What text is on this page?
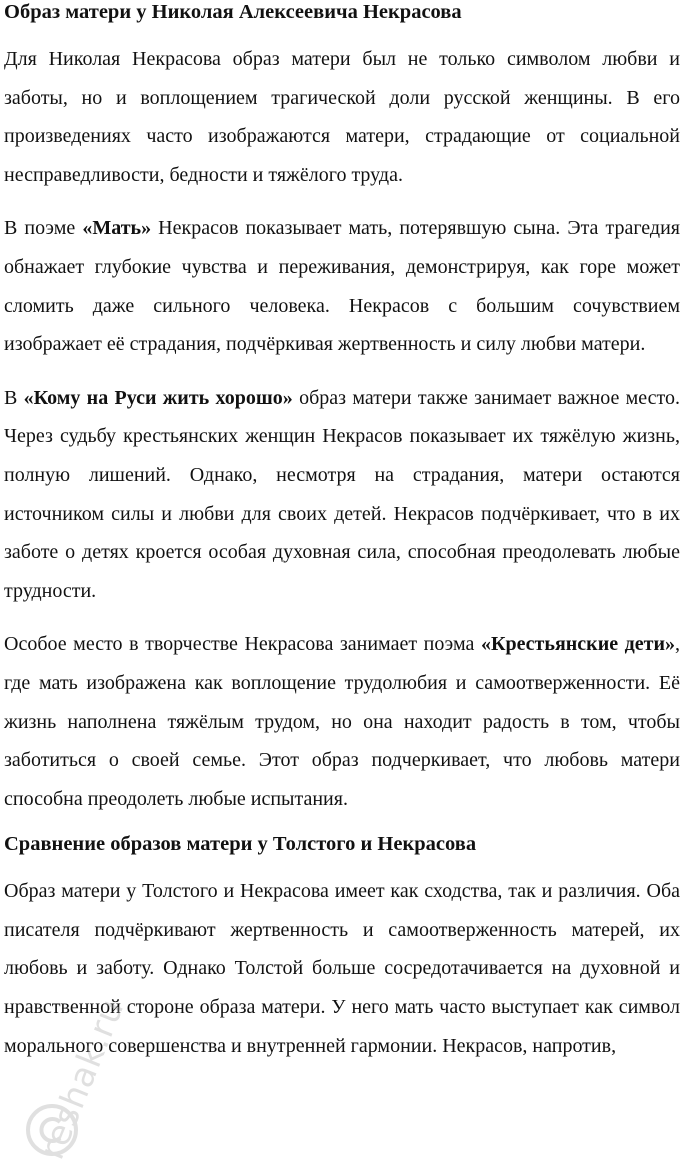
Образ матери у Николая Алексеевича Некрасова

Для Николая Некрасова образ матери был не только символом любви и заботы, но и воплощением трагической доли русской женщины. В его произведениях часто изображаются матери, страдающие от социальной несправедливости, бедности и тяжёлого труда.

В поэме «Мать» Некрасов показывает мать, потерявшую сына. Эта трагедия обнажает глубокие чувства и переживания, демонстрируя, как горе может сломить даже сильного человека. Некрасов с большим сочувствием изображает её страдания, подчёркивая жертвенность и силу любви матери.

В «Кому на Руси жить хорошо» образ матери также занимает важное место. Через судьбу крестьянских женщин Некрасов показывает их тяжёлую жизнь, полную лишений. Однако, несмотря на страдания, матери остаются источником силы и любви для своих детей. Некрасов подчёркивает, что в их заботе о детях кроется особая духовная сила, способная преодолевать любые трудности.

Особое место в творчестве Некрасова занимает поэма «Крестьянские дети», где мать изображена как воплощение трудолюбия и самоотверженности. Её жизнь наполнена тяжёлым трудом, но она находит радость в том, чтобы заботиться о своей семье. Этот образ подчеркивает, что любовь матери способна преодолеть любые испытания.

Сравнение образов матери у Толстого и Некрасова

Образ матери у Толстого и Некрасова имеет как сходства, так и различия. Оба писателя подчёркивают жертвенность и самоотверженность матерей, их любовь и заботу. Однако Толстой больше сосредотачивается на духовной и нравственной стороне образа матери. У него мать часто выступает как символ морального совершенства и внутренней гармонии. Некрасов, напротив,

reshak.ru
